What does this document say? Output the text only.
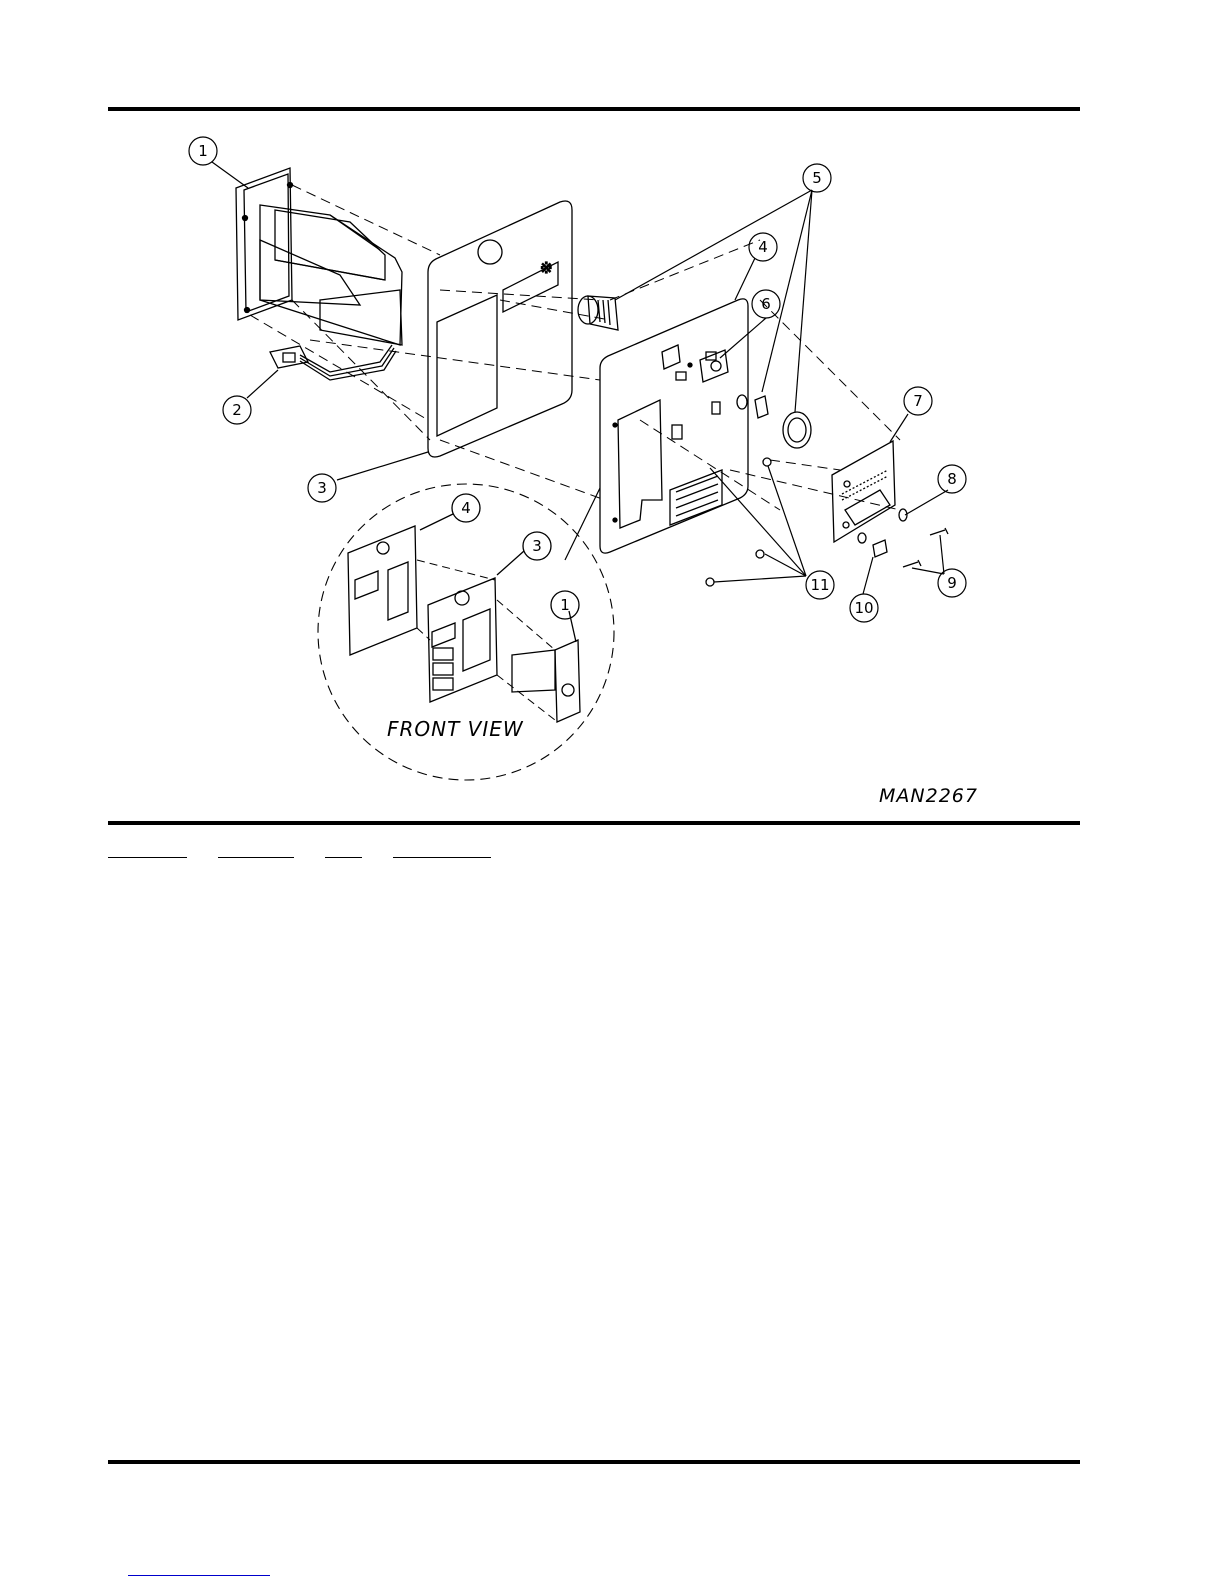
※
1
2
3
4
5
6
7
8
9
10
11
4
3
1
FRONT VIEW
MAN2267
